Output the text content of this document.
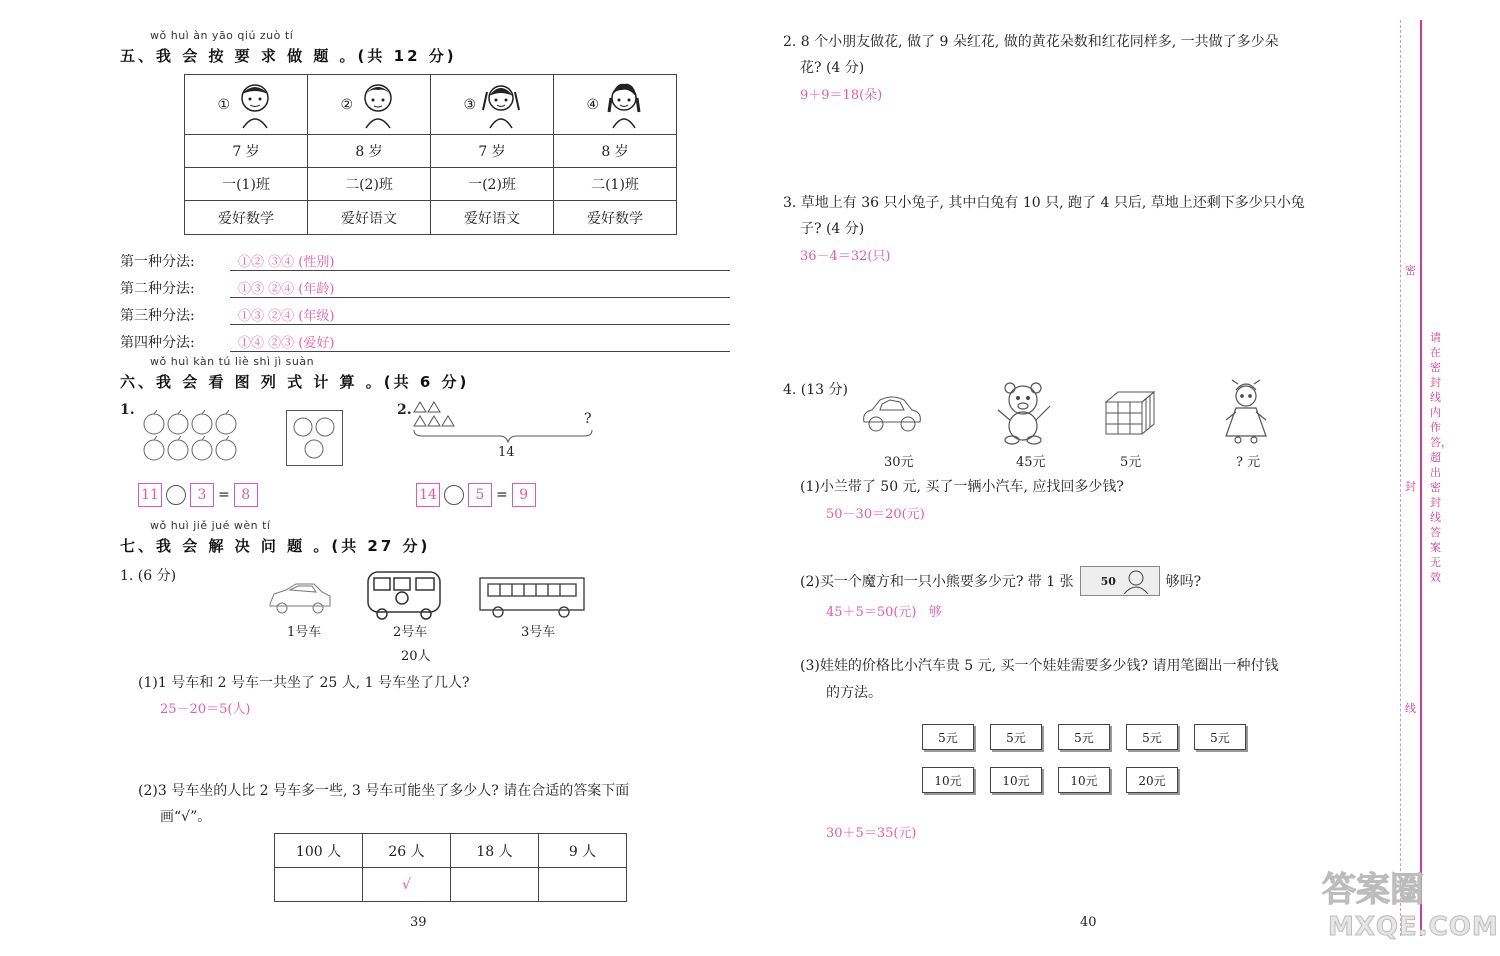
wǒ huì àn yāo qiú zuò tí
五、我 会 按 要 求 做 题 。(共 12 分)
①	②	③	④
7 岁	8 岁	7 岁	8 岁
一(1)班	二(2)班	一(2)班	二(1)班
爱好数学	爱好语文	爱好语文	爱好数学
第一种分法:	①② ③④ (性别)
第二种分法:	①③ ②④ (年龄)
第三种分法:	①③ ②④ (年级)
第四种分法:	①④ ②③ (爱好)
wǒ huì kàn tú liè shì jì suàn
六、我 会 看 图 列 式 计 算 。(共 6 分)
1.
11	3 = 8
2.
?
14
14	5 = 9
wǒ huì jiě jué wèn tí
七、我 会 解 决 问 题 。(共 27 分)
1. (6 分)
1号车	2号车	3号车
20人
(1)1 号车和 2 号车一共坐了 25 人, 1 号车坐了几人?
25－20＝5(人)
(2)3 号车坐的人比 2 号车多一些, 3 号车可能坐了多少人? 请在合适的答案下面
画“√”。
100 人	26 人	18 人	9 人
	√		
39
2. 8 个小朋友做花, 做了 9 朵红花, 做的黄花朵数和红花同样多, 一共做了多少朵
花? (4 分)
9＋9＝18(朵)
3. 草地上有 36 只小兔子, 其中白兔有 10 只, 跑了 4 只后, 草地上还剩下多少只小兔
子? (4 分)
36－4＝32(只)
4. (13 分)
30元	45元	5元	? 元
(1)小兰带了 50 元, 买了一辆小汽车, 应找回多少钱?
50－30＝20(元)
(2)买一个魔方和一只小熊要多少元? 带 1 张 50	够吗?
45＋5＝50(元)   够
(3)娃娃的价格比小汽车贵 5 元, 买一个娃娃需要多少钱? 请用笔圈出一种付钱
的方法。
5元	5元	5元	5元	5元
10元	10元	10元	20元
30＋5＝35(元)
40
密
封
线
请在密封线内作答，超出密封线答案无效
答案圈
MXQE.COM
